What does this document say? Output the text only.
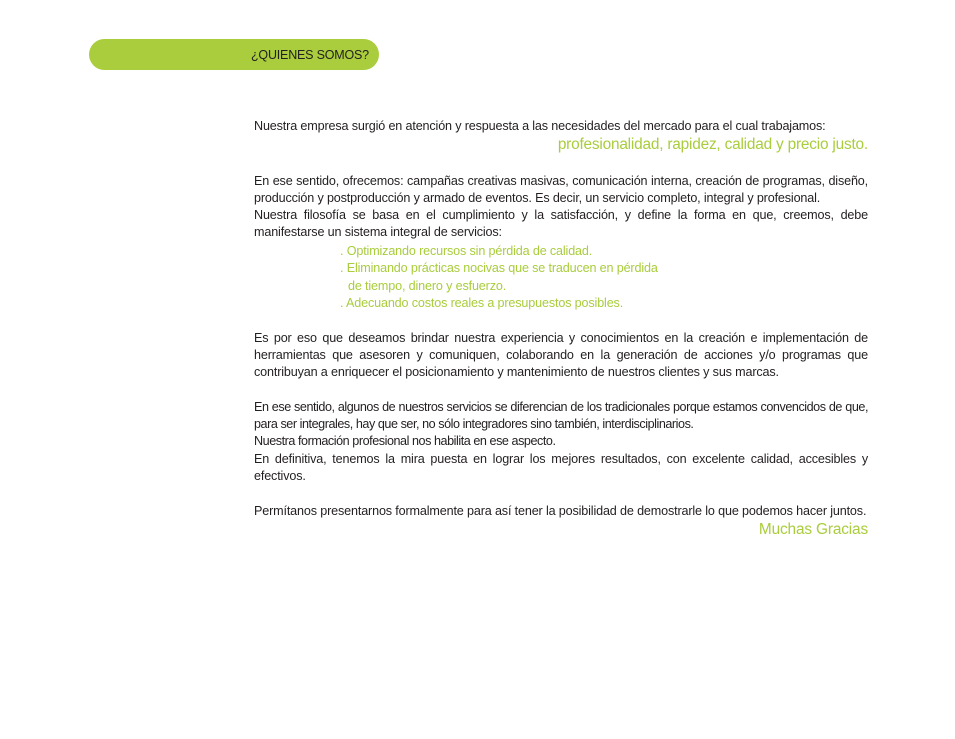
¿QUIENES SOMOS?

Nuestra empresa surgió en atención y respuesta a las necesidades del mercado para el cual trabajamos:

profesionalidad, rapidez, calidad y precio justo.

En ese sentido, ofrecemos: campañas creativas masivas, comunicación interna, creación de programas, diseño, producción y postproducción y armado de eventos. Es decir, un servicio completo, integral y profesional.

Nuestra filosofía se basa en el cumplimiento y la satisfacción, y define la forma en que, creemos, debe manifestarse un sistema integral de servicios:

. Optimizando recursos sin pérdida de calidad.
. Eliminando prácticas nocivas que se traducen en pérdida
de tiempo, dinero y esfuerzo.
. Adecuando costos reales a presupuestos posibles.

Es por eso que deseamos brindar nuestra experiencia y conocimientos en la creación e implementación de herramientas que asesoren y comuniquen, colaborando en la generación de acciones y/o programas que contribuyan a enriquecer el posicionamiento y mantenimiento de nuestros clientes y sus marcas.

En ese sentido, algunos de nuestros servicios se diferencian de los tradicionales porque estamos convencidos de que, para ser integrales, hay que ser, no sólo integradores sino también, interdisciplinarios.

Nuestra formación profesional nos habilita en ese aspecto.

En definitiva, tenemos la mira puesta en lograr los mejores resultados, con excelente calidad, accesibles y efectivos.

Permítanos presentarnos formalmente para así tener la posibilidad de demostrarle lo que podemos hacer juntos.

Muchas Gracias
